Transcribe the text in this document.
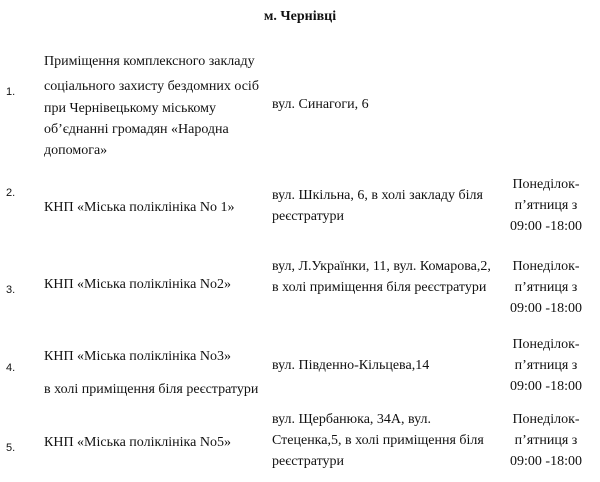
м. Чернівці
1.
Приміщення комплексного закладу
соціального захисту бездомних осіб
при Чернівецькому міському
об’єднанні громадян «Народна
допомога»
вул. Синагоги, 6
2.
КНП «Міська поліклініка No 1»
вул. Шкільна, 6, в холі закладу біля реєстратури
Понеділок-
пʼятниця з
09:00 -18:00
3.	КНП «Міська поліклініка No2»
вул, Л.Українки, 11, вул. Комарова,2, в холі приміщення біля реєстратури
Понеділок-
пʼятниця з
09:00 -18:00
4.
КНП «Міська поліклініка No3»
в холі приміщення біля реєстратури
вул. Південно-Кільцева,14
Понеділок-
пʼятниця з
09:00 -18:00
5.	КНП «Міська поліклініка No5»
вул. Щербанюка, 34А, вул. Стеценка,5, в холі приміщення біля реєстратури
Понеділок-
пʼятниця з
09:00 -18:00
